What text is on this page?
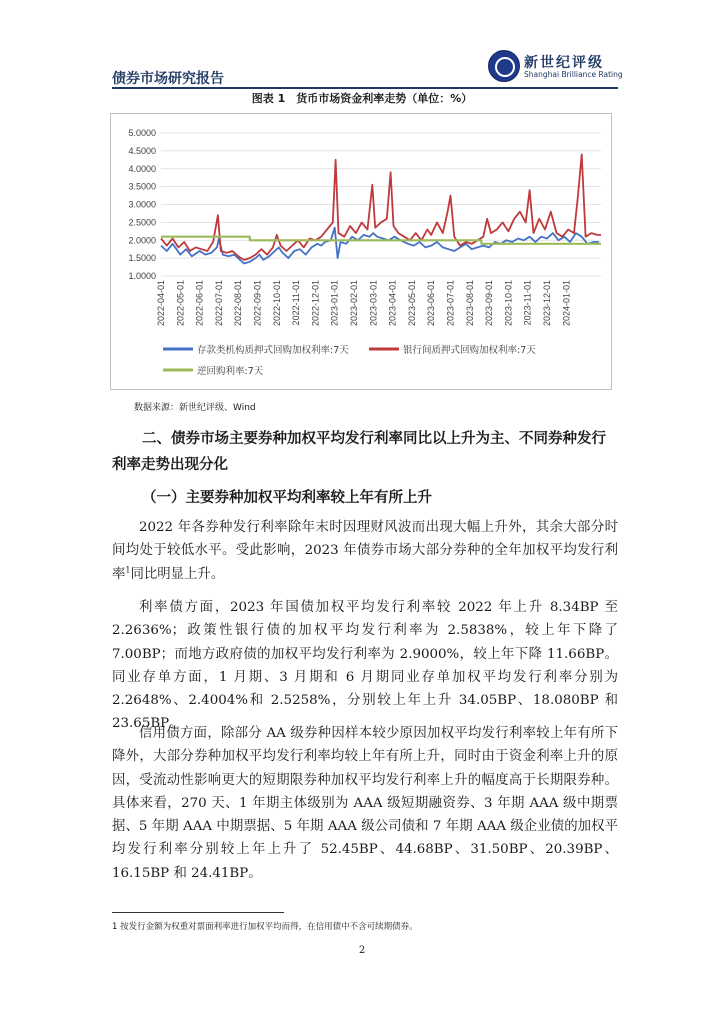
债券市场研究报告
新世纪评级
Shanghai Brilliance Rating
图表 1　货币市场资金利率走势（单位：%）
5.0000
4.5000
4.0000
3.5000
3.0000
2.5000
2.0000
1.5000
1.0000
2022-04-01 2022-05-01 2022-06-01 2022-07-01 2022-08-01 2022-09-01 2022-10-01 2022-11-01 2022-12-01 2023-01-01 2023-02-01 2023-03-01 2023-04-01 2023-05-01 2023-06-01 2023-07-01 2023-08-01 2023-09-01 2023-10-01 2023-11-01 2023-12-01 2024-01-01
存款类机构质押式回购加权利率:7天	银行间质押式回购加权利率:7天
逆回购利率:7天
数据来源：新世纪评级、Wind
二、债券市场主要券种加权平均发行利率同比以上升为主、不同券种发行利率走势出现分化
（一）主要券种加权平均利率较上年有所上升
2022 年各券种发行利率除年末时因理财风波而出现大幅上升外，其余大部分时间均处于较低水平。受此影响，2023 年债券市场大部分券种的全年加权平均发行利率$^1$同比明显上升。
利率债方面，2023 年国债加权平均发行利率较 2022 年上升 8.34BP 至 2.2636%；政策性银行债的加权平均发行利率为 2.5838%，较上年下降了 7.00BP；而地方政府债的加权平均发行利率为 2.9000%，较上年下降 11.66BP。同业存单方面，1 月期、3 月期和 6 月期同业存单加权平均发行利率分别为 2.2648%、2.4004%和 2.5258%，分别较上年上升 34.05BP、18.080BP 和 23.65BP。
信用债方面，除部分 AA 级券种因样本较少原因加权平均发行利率较上年有所下降外，大部分券种加权平均发行利率均较上年有所上升，同时由于资金利率上升的原因，受流动性影响更大的短期限券种加权平均发行利率上升的幅度高于长期限券种。具体来看，270 天、1 年期主体级别为 AAA 级短期融资券、3 年期 AAA 级中期票据、5 年期 AAA 中期票据、5 年期 AAA 级公司债和 7 年期 AAA 级企业债的加权平均发行利率分别较上年上升了 52.45BP、44.68BP、31.50BP、20.39BP、16.15BP 和 24.41BP。
1 按发行金额为权重对票面利率进行加权平均而得，在信用债中不含可续期债券。
2
